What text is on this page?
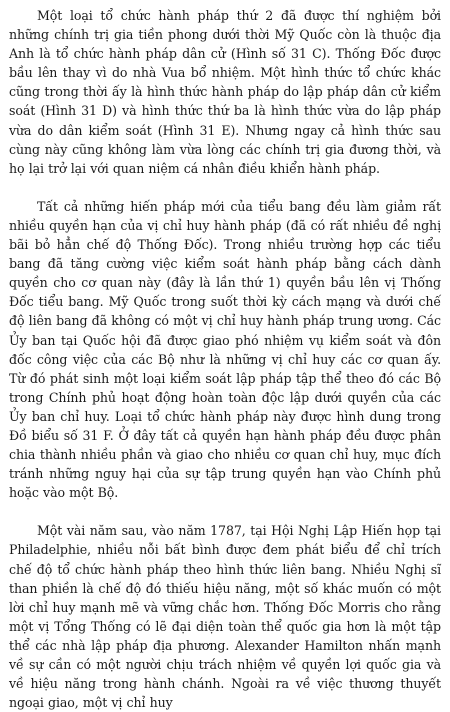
Một loại tổ chức hành pháp thứ 2 đã được thí nghiệm bởi những chính trị gia tiền phong dưới thời Mỹ Quốc còn là thuộc địa Anh là tổ chức hành pháp dân cử (Hình số 31 C). Thống Đốc được bầu lên thay vì do nhà Vua bổ nhiệm. Một hình thức tổ chức khác cũng trong thời ấy là hình thức hành pháp do lập pháp dân cử kiểm soát (Hình 31 D) và hình thức thứ ba là hình thức vừa do lập pháp vừa do dân kiểm soát (Hình 31 E). Nhưng ngay cả hình thức sau cùng này cũng không làm vừa lòng các chính trị gia đương thời, và họ lại trở lại với quan niệm cá nhân điều khiển hành pháp.

Tất cả những hiến pháp mới của tiểu bang đều làm giảm rất nhiều quyền hạn của vị chỉ huy hành pháp (đã có rất nhiều đề nghị bãi bỏ hẳn chế độ Thống Đốc). Trong nhiều trường hợp các tiểu bang đã tăng cường việc kiểm soát hành pháp bằng cách dành quyền cho cơ quan này (đây là lần thứ 1) quyền bầu lên vị Thống Đốc tiểu bang. Mỹ Quốc trong suốt thời kỳ cách mạng và dưới chế độ liên bang đã không có một vị chỉ huy hành pháp trung ương. Các Ủy ban tại Quốc hội đã được giao phó nhiệm vụ kiểm soát và đôn đốc công việc của các Bộ như là những vị chỉ huy các cơ quan ấy. Từ đó phát sinh một loại kiểm soát lập pháp tập thể theo đó các Bộ trong Chính phủ hoạt động hoàn toàn độc lập dưới quyền của các Ủy ban chỉ huy. Loại tổ chức hành pháp này được hình dung trong Đồ biểu số 31 F. Ở đây tất cả quyền hạn hành pháp đều được phân chia thành nhiều phần và giao cho nhiều cơ quan chỉ huy, mục đích tránh những nguy hại của sự tập trung quyền hạn vào Chính phủ hoặc vào một Bộ.

Một vài năm sau, vào năm 1787, tại Hội Nghị Lập Hiến họp tại Philadelphie, nhiều nỗi bất bình được đem phát biểu để chỉ trích chế độ tổ chức hành pháp theo hình thức liên bang. Nhiều Nghị sĩ than phiền là chế độ đó thiếu hiệu năng, một số khác muốn có một lời chỉ huy mạnh mẽ và vững chắc hơn. Thống Đốc Morris cho rằng một vị Tổng Thống có lẽ đại diện toàn thể quốc gia hơn là một tập thể các nhà lập pháp địa phương. Alexander Hamilton nhấn mạnh về sự cần có một người chịu trách nhiệm về quyền lợi quốc gia và về hiệu năng trong hành chánh. Ngoài ra về việc thương thuyết ngoại giao, một vị chỉ huy
